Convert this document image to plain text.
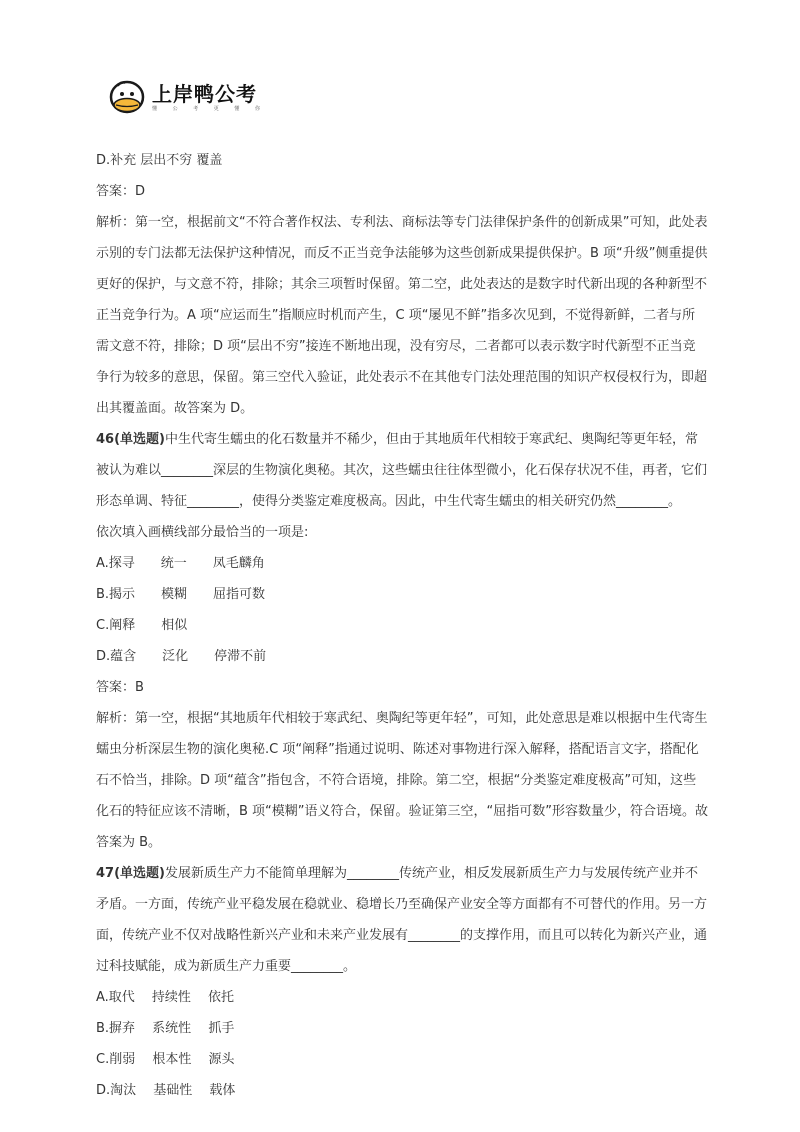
上岸鸭公考
懂 公 考 更 懂 你

D.补充 层出不穷 覆盖

答案：D

解析：第一空，根据前文“不符合著作权法、专利法、商标法等专门法律保护条件的创新成果”可知，此处表示别的专门法都无法保护这种情况，而反不正当竞争法能够为这些创新成果提供保护。B 项“升级”侧重提供更好的保护，与文意不符，排除；其余三项暂时保留。第二空，此处表达的是数字时代新出现的各种新型不正当竞争行为。A 项“应运而生”指顺应时机而产生，C 项“屡见不鲜”指多次见到，不觉得新鲜，二者与所需文意不符，排除；D 项“层出不穷”接连不断地出现，没有穷尽，二者都可以表示数字时代新型不正当竞争行为较多的意思，保留。第三空代入验证，此处表示不在其他专门法处理范围的知识产权侵权行为，即超出其覆盖面。故答案为 D。

46(单选题)中生代寄生蠕虫的化石数量并不稀少，但由于其地质年代相较于寒武纪、奥陶纪等更年轻，常被认为难以________深层的生物演化奥秘。其次，这些蠕虫往往体型微小，化石保存状况不佳，再者，它们形态单调、特征________，使得分类鉴定难度极高。因此，中生代寄生蠕虫的相关研究仍然________。

依次填入画横线部分最恰当的一项是:

A.探寻　　统一　　凤毛麟角

B.揭示　　模糊　　屈指可数

C.阐释　　相似

D.蕴含　　泛化　　停滞不前

答案：B

解析：第一空，根据“其地质年代相较于寒武纪、奥陶纪等更年轻”，可知，此处意思是难以根据中生代寄生蠕虫分析深层生物的演化奥秘.C 项“阐释”指通过说明、陈述对事物进行深入解释，搭配语言文字，搭配化石不恰当，排除。D 项“蕴含”指包含，不符合语境，排除。第二空，根据“分类鉴定难度极高”可知，这些化石的特征应该不清晰，B 项“模糊”语义符合，保留。验证第三空，“屈指可数”形容数量少，符合语境。故答案为 B。

47(单选题)发展新质生产力不能简单理解为________传统产业，相反发展新质生产力与发展传统产业并不矛盾。一方面，传统产业平稳发展在稳就业、稳增长乃至确保产业安全等方面都有不可替代的作用。另一方面，传统产业不仅对战略性新兴产业和未来产业发展有________的支撑作用，而且可以转化为新兴产业，通过科技赋能，成为新质生产力重要________。

A.取代　 持续性　 依托

B.摒弃　 系统性　 抓手

C.削弱　 根本性　 源头

D.淘汰　 基础性　 载体
